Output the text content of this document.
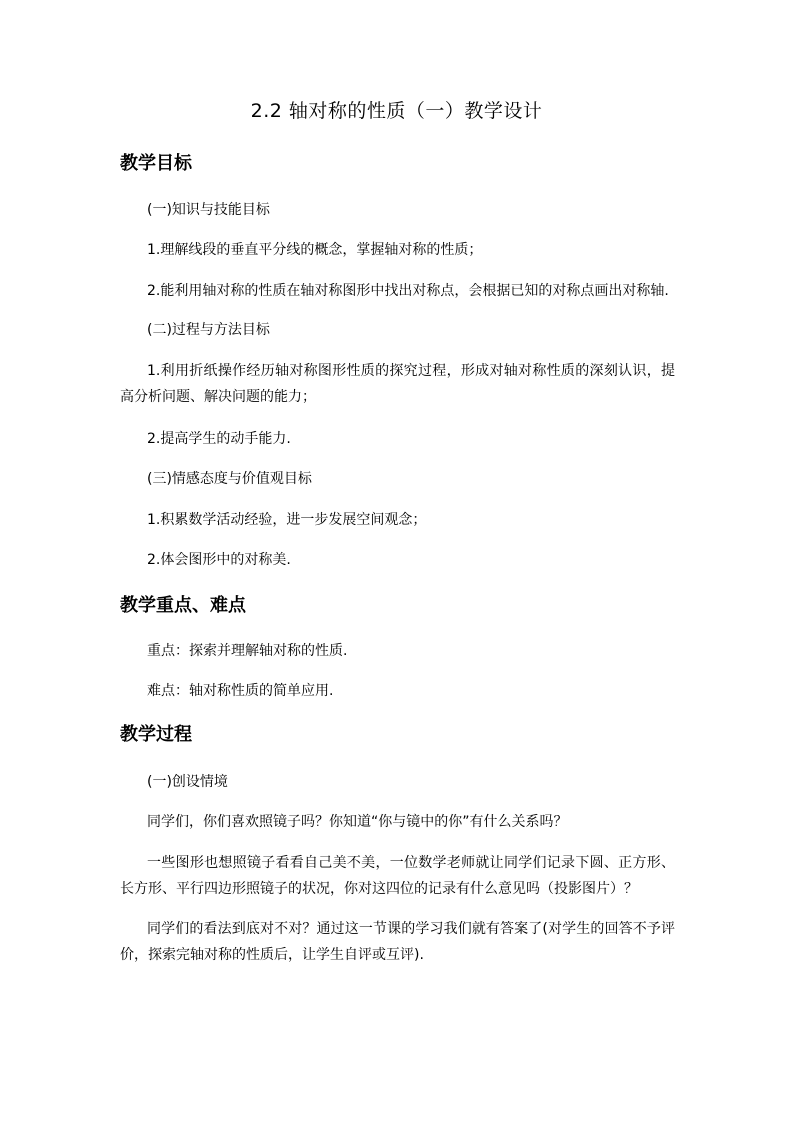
2.2 轴对称的性质（一）教学设计
教学目标
(一)知识与技能目标

1.理解线段的垂直平分线的概念，掌握轴对称的性质；

2.能利用轴对称的性质在轴对称图形中找出对称点，会根据已知的对称点画出对称轴.

(二)过程与方法目标

1.利用折纸操作经历轴对称图形性质的探究过程，形成对轴对称性质的深刻认识，提高分析问题、解决问题的能力；

2.提高学生的动手能力.

(三)情感态度与价值观目标

1.积累数学活动经验，进一步发展空间观念；

2.体会图形中的对称美.

教学重点、难点

重点：探索并理解轴对称的性质.

难点：轴对称性质的简单应用.

教学过程
(一)创设情境

同学们，你们喜欢照镜子吗？你知道“你与镜中的你”有什么关系吗？

一些图形也想照镜子看看自己美不美，一位数学老师就让同学们记录下圆、正方形、长方形、平行四边形照镜子的状况，你对这四位的记录有什么意见吗（投影图片）？

同学们的看法到底对不对？通过这一节课的学习我们就有答案了(对学生的回答不予评价，探索完轴对称的性质后，让学生自评或互评).
